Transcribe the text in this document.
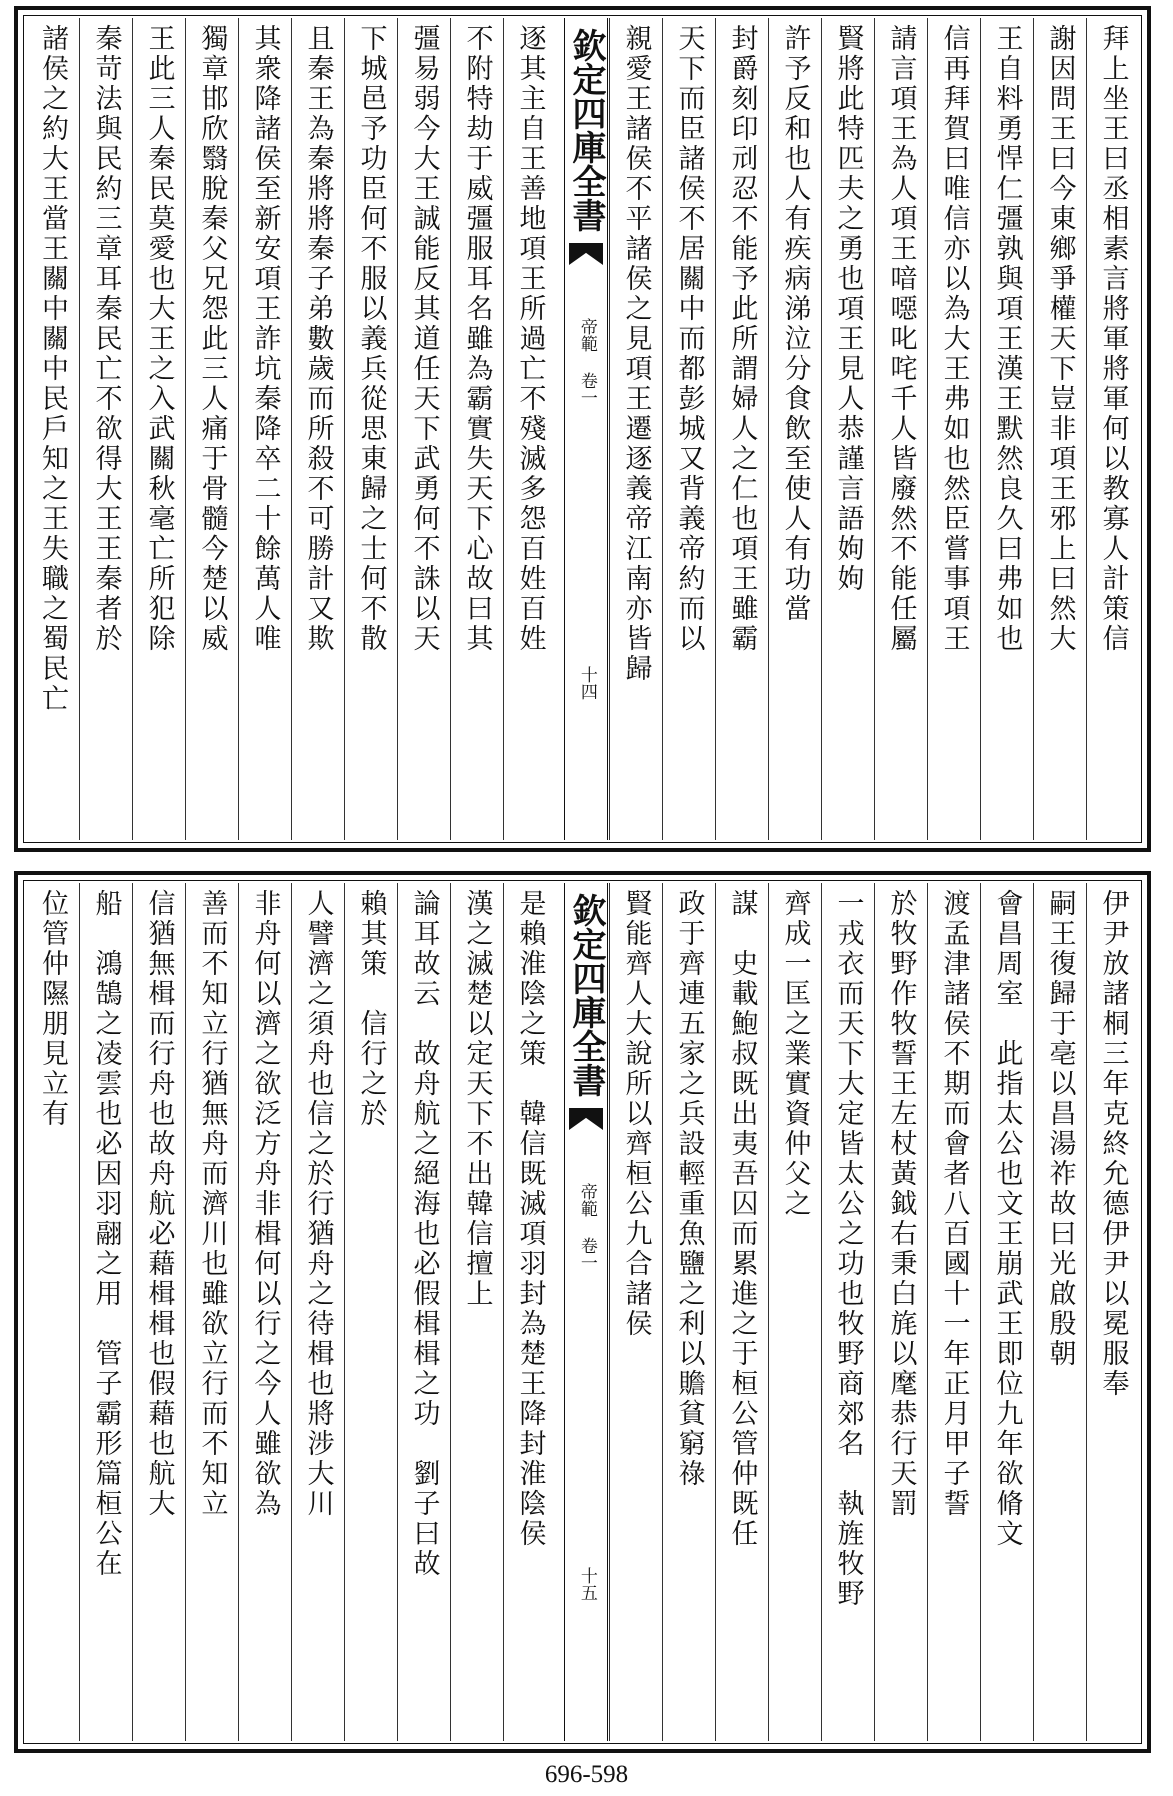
拜上坐王曰丞相素言將軍將軍何以教寡人計策信
謝因問王曰今東鄉爭權天下豈非項王邪上曰然大
王自料勇悍仁彊孰與項王漢王默然良久曰弗如也
信再拜賀曰唯信亦以為大王弗如也然臣嘗事項王
請言項王為人項王喑噁叱咤千人皆廢然不能任屬
賢將此特匹夫之勇也項王見人恭謹言語姁姁
許予反和也人有疾病涕泣分食飲至使人有功當
封爵刻印刓忍不能予此所謂婦人之仁也項王雖霸
天下而臣諸侯不居關中而都彭城又背義帝約而以
親愛王諸侯不平諸侯之見項王遷逐義帝江南亦皆歸
欽定四庫全書
帝範 卷一
十四
逐其主自王善地項王所過亡不殘滅多怨百姓百姓
不附特劫于威彊服耳名雖為霸實失天下心故曰其
彊易弱今大王誠能反其道任天下武勇何不誅以天
下城邑予功臣何不服以義兵從思東歸之士何不散
且秦王為秦將將秦子弟數歲而所殺不可勝計又欺
其衆降諸侯至新安項王詐坑秦降卒二十餘萬人唯
獨章邯欣翳脫秦父兄怨此三人痛于骨髓今楚以威
王此三人秦民莫愛也大王之入武關秋毫亡所犯除
秦苛法與民約三章耳秦民亡不欲得大王王秦者於
諸侯之約大王當王關中關中民戶知之王失職之蜀民亡
伊尹放諸桐三年克終允德伊尹以冕服奉
嗣王復歸于亳以昌湯祚故曰光啟殷朝
會昌周室　此指太公也文王崩武王即位九年欲脩文
渡孟津諸侯不期而會者八百國十一年正月甲子誓
於牧野作牧誓王左杖黃鉞右秉白旄以麾恭行天罰
一戎衣而天下大定皆太公之功也牧野商郊名　執旌牧野
齊成一匡之業實資仲父之
謀　史載鮑叔既出夷吾囚而累進之于桓公管仲既任
政于齊連五家之兵設輕重魚鹽之利以贍貧窮祿
賢能齊人大說所以齊桓公九合諸侯
欽定四庫全書
帝範 卷一
十五
是賴淮陰之策　韓信既滅項羽封為楚王降封淮陰侯
漢之滅楚以定天下不出韓信擅上
論耳故云　故舟航之絕海也必假楫楫之功　劉子曰故
賴其策　信行之於
人譬濟之須舟也信之於行猶舟之待楫也將涉大川
非舟何以濟之欲泛方舟非楫何以行之今人雖欲為
善而不知立行猶無舟而濟川也雖欲立行而不知立
信猶無楫而行舟也故舟航必藉楫楫也假藉也航大
船　鴻鵠之凌雲也必因羽翮之用　管子霸形篇桓公在
位管仲隰朋見立有
696-598
